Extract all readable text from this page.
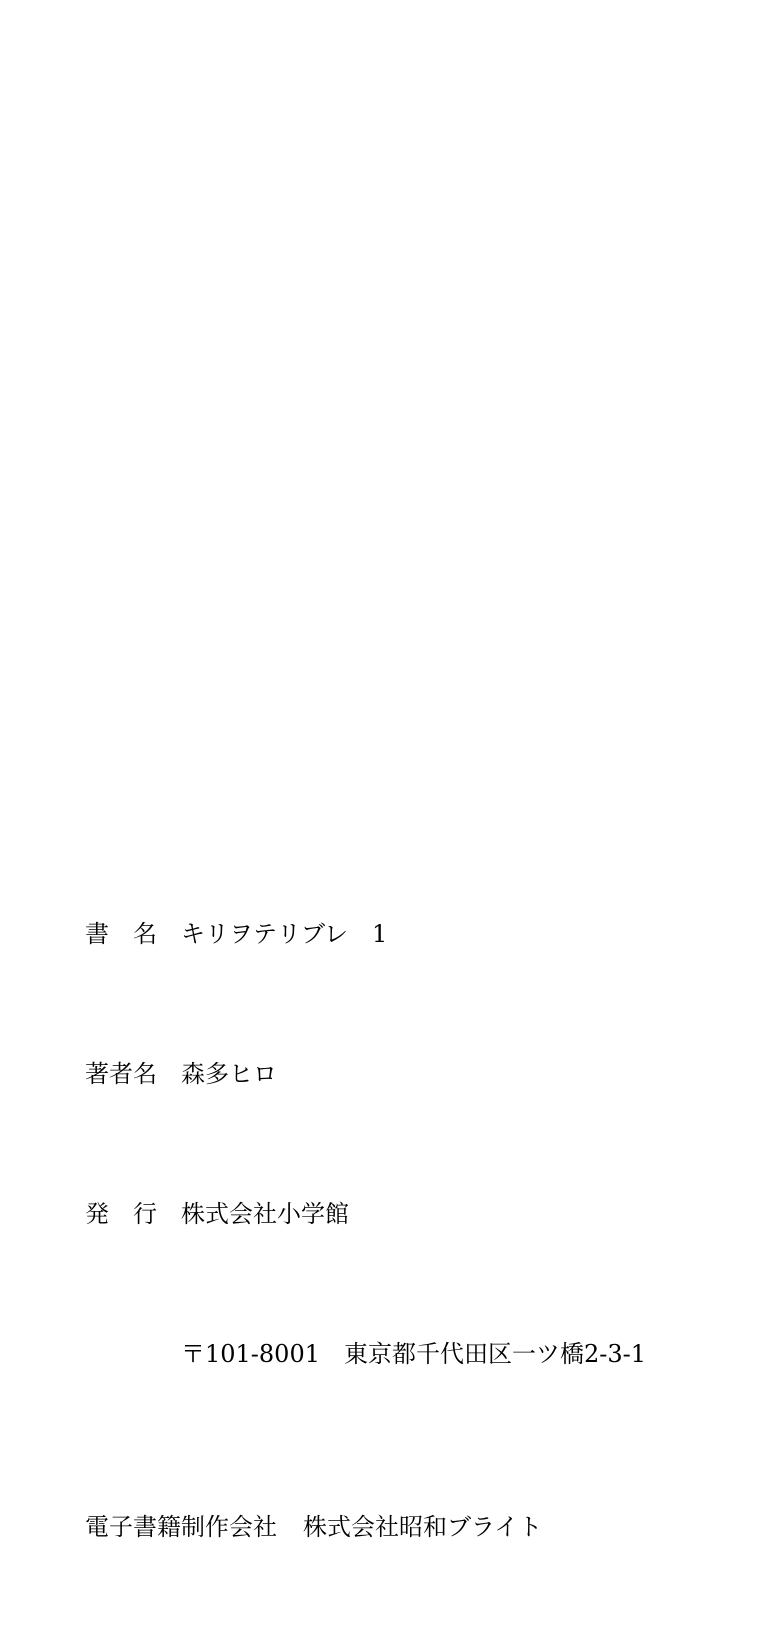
書　名 キリヲテリブレ　1

著者名 森多ヒロ

発　行 株式会社小学館

〒101-8001　東京都千代田区一ツ橋2-3-1

電子書籍制作会社 株式会社昭和ブライト
